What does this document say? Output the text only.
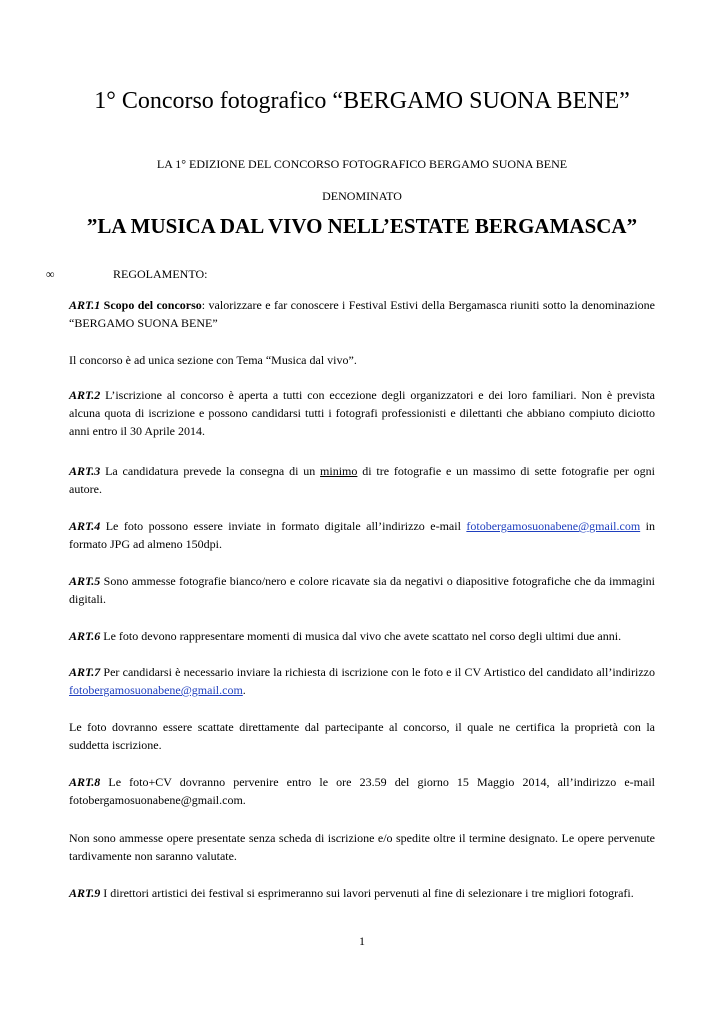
1° Concorso fotografico “BERGAMO SUONA BENE”
LA 1° EDIZIONE DEL CONCORSO FOTOGRAFICO BERGAMO SUONA BENE
DENOMINATO
”LA MUSICA DAL VIVO NELL’ESTATE BERGAMASCA”
∞	REGOLAMENTO:
ART.1 Scopo del concorso: valorizzare e far conoscere i Festival Estivi della Bergamasca riuniti sotto la denominazione “BERGAMO SUONA BENE”
Il concorso è ad unica sezione con Tema “Musica dal vivo”.
ART.2 L’iscrizione al concorso è aperta a tutti con eccezione degli organizzatori e dei loro familiari. Non è prevista alcuna quota di iscrizione e possono candidarsi tutti i fotografi professionisti e dilettanti che abbiano compiuto diciotto anni entro il 30 Aprile 2014.
ART.3 La candidatura prevede la consegna di un minimo di tre fotografie e un massimo di sette fotografie per ogni autore.
ART.4 Le foto possono essere inviate in formato digitale all’indirizzo e-mail fotobergamosuonabene@gmail.com in formato JPG ad almeno 150dpi.
ART.5 Sono ammesse fotografie bianco/nero e colore ricavate sia da negativi o diapositive fotografiche che da immagini digitali.
ART.6 Le foto devono rappresentare momenti di musica dal vivo che avete scattato nel corso degli ultimi due anni.
ART.7 Per candidarsi è necessario inviare la richiesta di iscrizione con le foto e il CV Artistico del candidato all’indirizzo fotobergamosuonabene@gmail.com.
Le foto dovranno essere scattate direttamente dal partecipante al concorso, il quale ne certifica la proprietà con la suddetta iscrizione.
ART.8 Le foto+CV dovranno pervenire entro le ore 23.59 del giorno 15 Maggio 2014, all’indirizzo e-mail fotobergamosuonabene@gmail.com.
Non sono ammesse opere presentate senza scheda di iscrizione e/o spedite oltre il termine designato. Le opere pervenute tardivamente non saranno valutate.
ART.9 I direttori artistici dei festival si esprimeranno sui lavori pervenuti al fine di selezionare i tre migliori fotografi.
1
